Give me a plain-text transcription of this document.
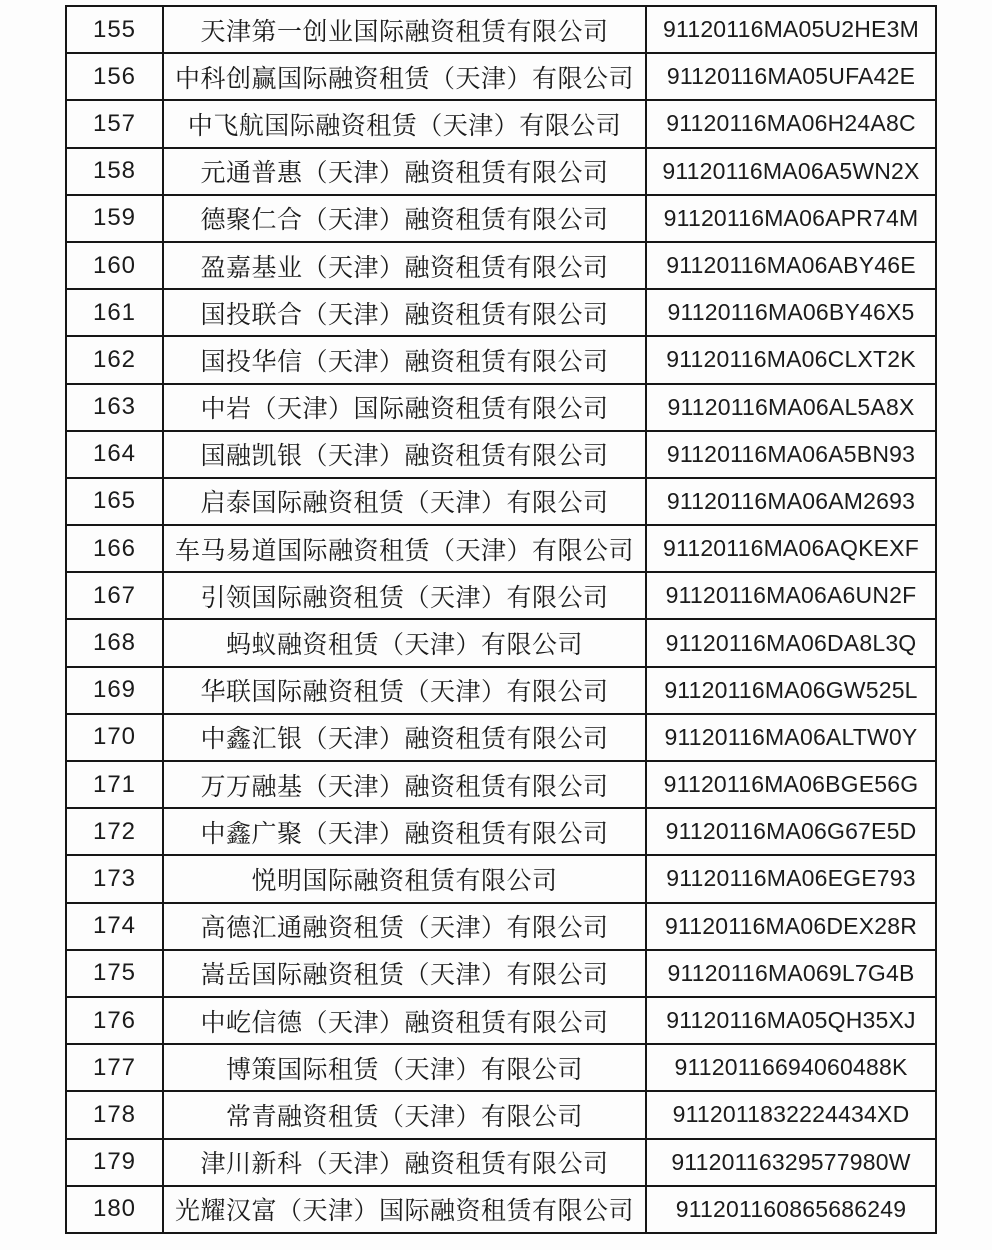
155	天津第一创业国际融资租赁有限公司	91120116MA05U2HE3M
156	中科创赢国际融资租赁（天津）有限公司	91120116MA05UFA42E
157	中飞航国际融资租赁（天津）有限公司	91120116MA06H24A8C
158	元通普惠（天津）融资租赁有限公司	91120116MA06A5WN2X
159	德聚仁合（天津）融资租赁有限公司	91120116MA06APR74M
160	盈嘉基业（天津）融资租赁有限公司	91120116MA06ABY46E
161	国投联合（天津）融资租赁有限公司	91120116MA06BY46X5
162	国投华信（天津）融资租赁有限公司	91120116MA06CLXT2K
163	中岩（天津）国际融资租赁有限公司	91120116MA06AL5A8X
164	国融凯银（天津）融资租赁有限公司	91120116MA06A5BN93
165	启泰国际融资租赁（天津）有限公司	91120116MA06AM2693
166	车马易道国际融资租赁（天津）有限公司	91120116MA06AQKEXF
167	引领国际融资租赁（天津）有限公司	91120116MA06A6UN2F
168	蚂蚁融资租赁（天津）有限公司	91120116MA06DA8L3Q
169	华联国际融资租赁（天津）有限公司	91120116MA06GW525L
170	中鑫汇银（天津）融资租赁有限公司	91120116MA06ALTW0Y
171	万万融基（天津）融资租赁有限公司	91120116MA06BGE56G
172	中鑫广聚（天津）融资租赁有限公司	91120116MA06G67E5D
173	悦明国际融资租赁有限公司	91120116MA06EGE793
174	高德汇通融资租赁（天津）有限公司	91120116MA06DEX28R
175	嵩岳国际融资租赁（天津）有限公司	91120116MA069L7G4B
176	中屹信德（天津）融资租赁有限公司	91120116MA05QH35XJ
177	博策国际租赁（天津）有限公司	91120116694060488K
178	常青融资租赁（天津）有限公司	9112011832224434XD
179	津川新科（天津）融资租赁有限公司	91120116329577980W
180	光耀汉富（天津）国际融资租赁有限公司	911201160865686249
